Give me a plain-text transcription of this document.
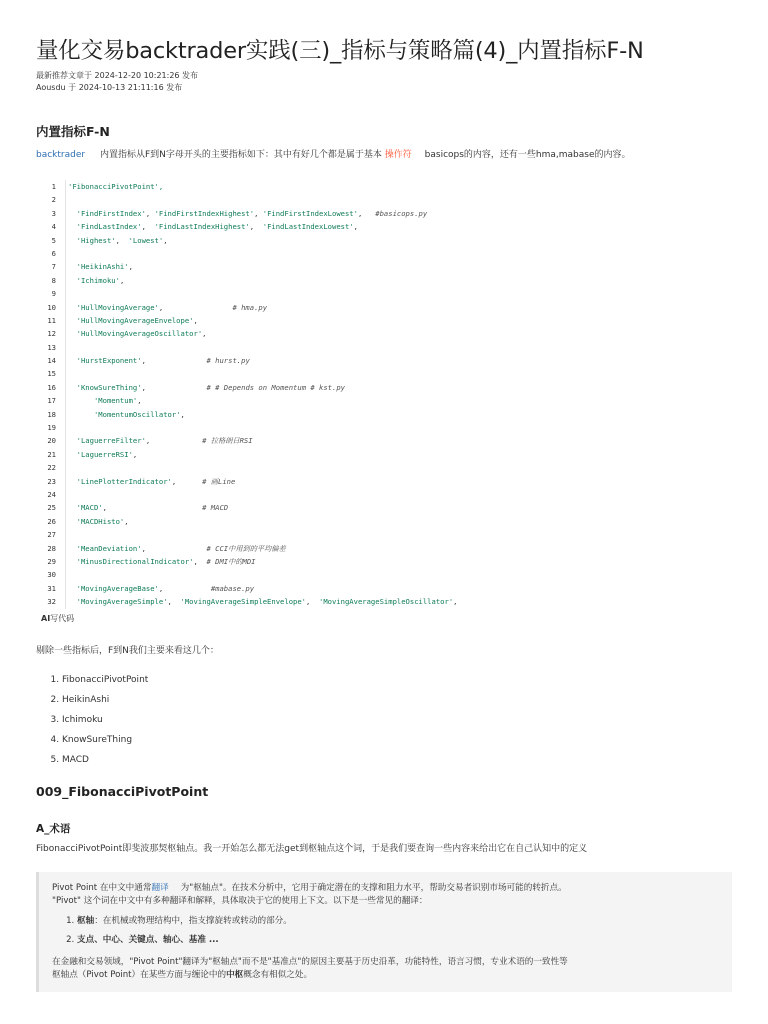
量化交易backtrader实践(三)_指标与策略篇(4)_内置指标F-N
最新推荐文章于 2024-12-20 10:21:26 发布
Aousdu 于 2024-10-13 21:11:16 发布
内置指标F-N
backtrader 内置指标从F到N字母开头的主要指标如下：其中有好几个都是属于基本 操作符 basicops的内容，还有一些hma,mabase的内容。
1	'FibonacciPivotPoint',
2
3	'FindFirstIndex', 'FindFirstIndexHighest', 'FindFirstIndexLowest',   #basicops.py
4	'FindLastIndex',  'FindLastIndexHighest',  'FindLastIndexLowest',
5	'Highest',  'Lowest',
6
7	'HeikinAshi',
8	'Ichimoku',
9
10	'HullMovingAverage',                # hma.py
11	'HullMovingAverageEnvelope',
12	'HullMovingAverageOscillator',
13
14	'HurstExponent',              # hurst.py
15
16	'KnowSureThing',              # # Depends on Momentum # kst.py
17	'Momentum',
18	'MomentumOscillator',
19
20	'LaguerreFilter',            # 拉格朗日RSI
21	'LaguerreRSI',
22
23	'LinePlotterIndicator',      # 画Line
24
25	'MACD',                      # MACD
26	'MACDHisto',
27
28	'MeanDeviation',              # CCI中用到的平均偏差
29	'MinusDirectionalIndicator',  # DMI中的MDI
30
31	'MovingAverageBase',           #mabase.py
32	'MovingAverageSimple',  'MovingAverageSimpleEnvelope',  'MovingAverageSimpleOscillator',
AI写代码
剔除一些指标后，F到N我们主要来看这几个：
1. FibonacciPivotPoint
2. HeikinAshi
3. Ichimoku
4. KnowSureThing
5. MACD
009_FibonacciPivotPoint
A_术语
FibonacciPivotPoint即斐波那契枢轴点。我一开始怎么都无法get到枢轴点这个词，于是我们要查询一些内容来给出它在自己认知中的定义
Pivot Point 在中文中通常翻译 为"枢轴点"。在技术分析中，它用于确定潜在的支撑和阻力水平，帮助交易者识别市场可能的转折点。
"Pivot" 这个词在中文中有多种翻译和解释，具体取决于它的使用上下文。以下是一些常见的翻译：
1. 枢轴：在机械或物理结构中，指支撑旋转或转动的部分。
2. 支点、中心、关键点、轴心、基准 ...
在金融和交易领域，"Pivot Point"翻译为"枢轴点"而不是"基准点"的原因主要基于历史沿革，功能特性，语言习惯，专业术语的一致性等
枢轴点（Pivot Point）在某些方面与缠论中的中枢概念有相似之处。
